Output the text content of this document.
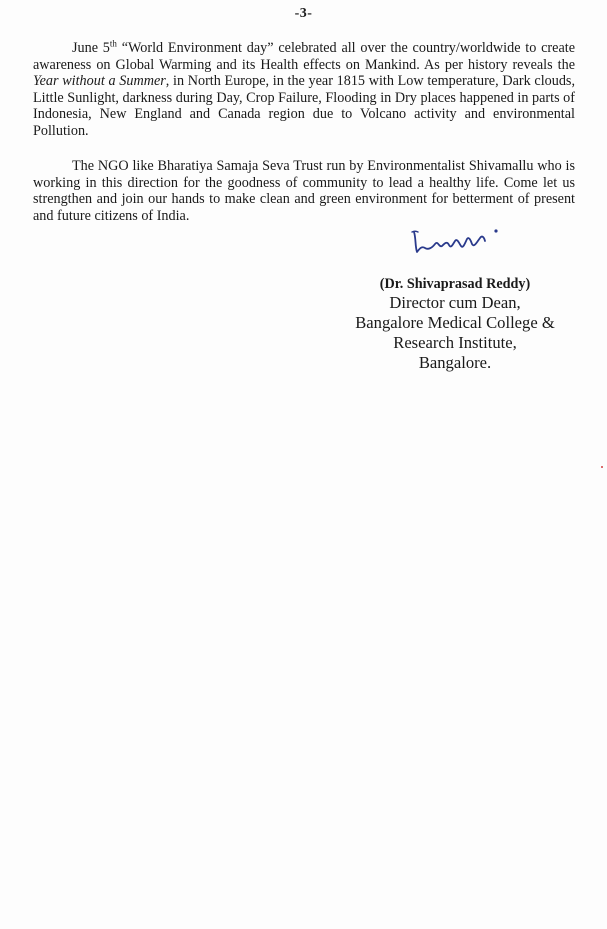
-3-

June 5th “World Environment day” celebrated all over the country/worldwide to create awareness on Global Warming and its Health effects on Mankind. As per history reveals the Year without a Summer, in North Europe, in the year 1815 with Low temperature, Dark clouds, Little Sunlight, darkness during Day, Crop Failure, Flooding in Dry places happened in parts of Indonesia, New England and Canada region due to Volcano activity and environmental Pollution.

The NGO like Bharatiya Samaja Seva Trust run by Environmentalist Shivamallu who is working in this direction for the goodness of community to lead a healthy life. Come let us strengthen and join our hands to make clean and green environment for betterment of present and future citizens of India.

(Dr. Shivaprasad Reddy)
Director cum Dean,
Bangalore Medical College &
Research Institute,
Bangalore.
